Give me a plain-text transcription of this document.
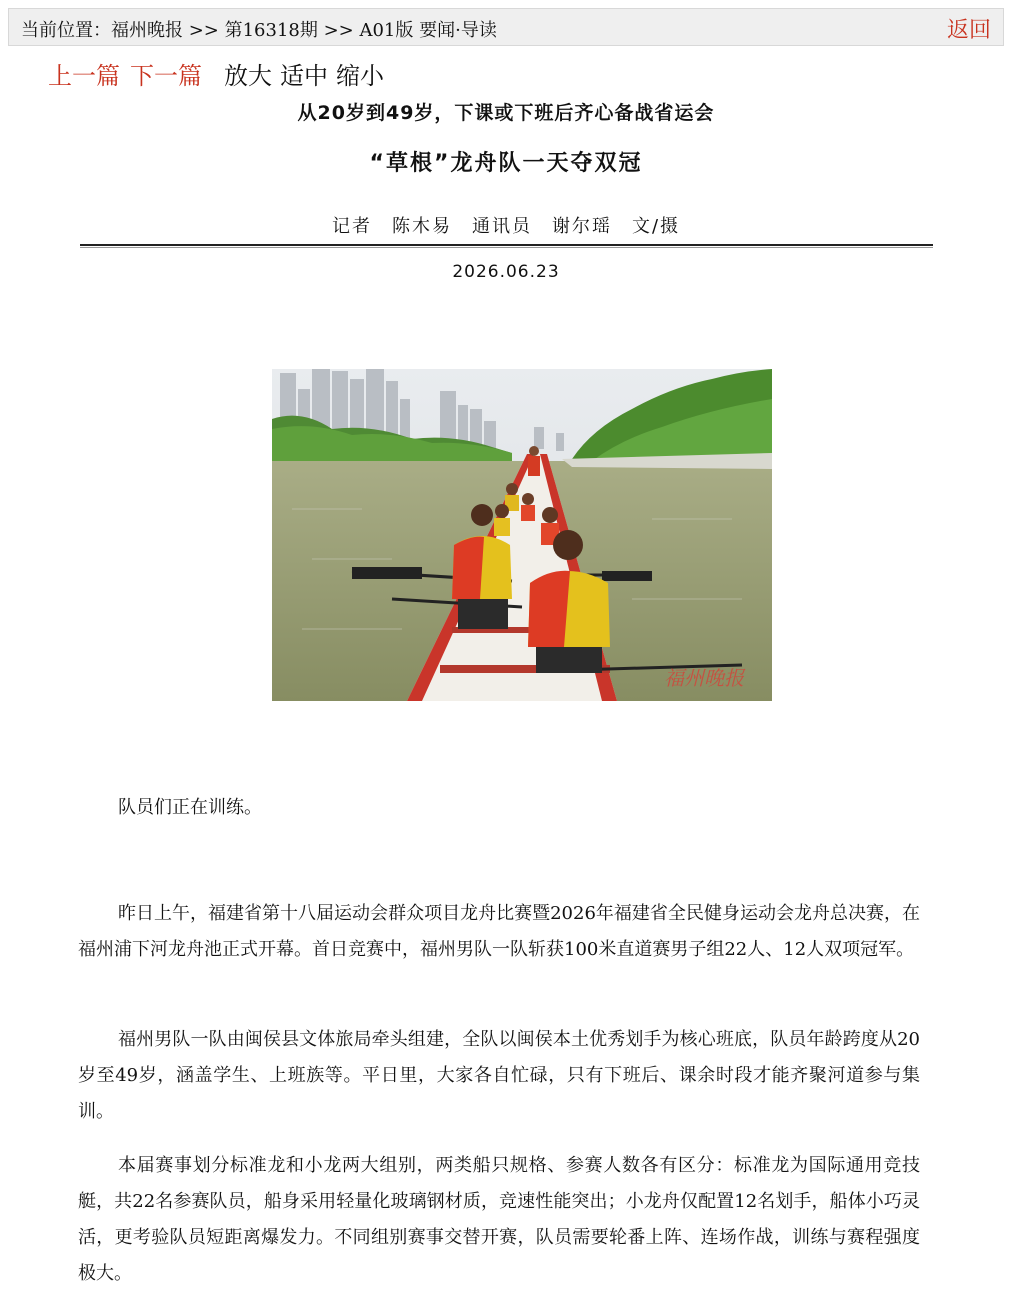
当前位置：福州晚报 >> 第16318期 >> A01版 要闻·导读	返回
上一篇 下一篇 放大 适中 缩小
从20岁到49岁，下课或下班后齐心备战省运会
“草根”龙舟队一天夺双冠
记者 陈木易 通讯员 谢尔瑶 文/摄
2026.06.23
福州晚报
队员们正在训练。

昨日上午，福建省第十八届运动会群众项目龙舟比赛暨2026年福建省全民健身运动会龙舟总决赛，在福州浦下河龙舟池正式开幕。首日竞赛中，福州男队一队斩获100米直道赛男子组22人、12人双项冠军。

福州男队一队由闽侯县文体旅局牵头组建，全队以闽侯本土优秀划手为核心班底，队员年龄跨度从20岁至49岁，涵盖学生、上班族等。平日里，大家各自忙碌，只有下班后、课余时段才能齐聚河道参与集训。

本届赛事划分标准龙和小龙两大组别，两类船只规格、参赛人数各有区分：标准龙为国际通用竞技艇，共22名参赛队员，船身采用轻量化玻璃钢材质，竞速性能突出；小龙舟仅配置12名划手，船体小巧灵活，更考验队员短距离爆发力。不同组别赛事交替开赛，队员需要轮番上阵、连场作战，训练与赛程强度极大。
